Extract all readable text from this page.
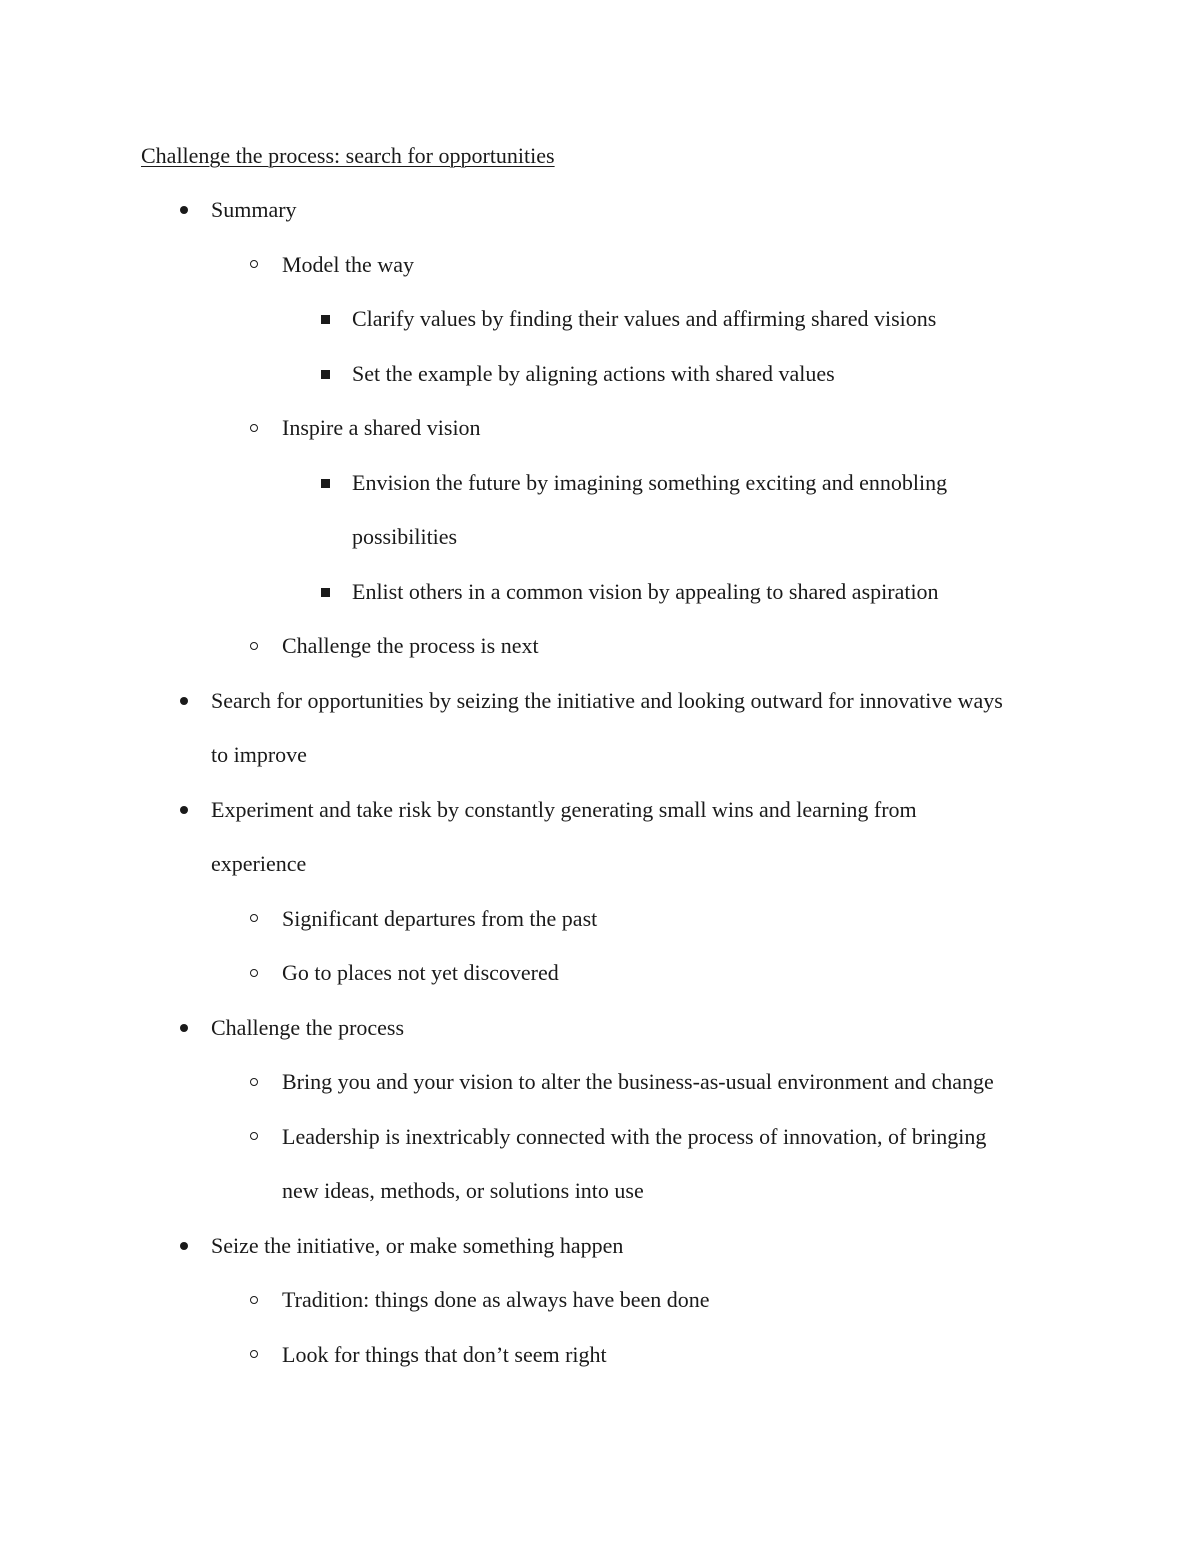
Challenge the process: search for opportunities
Summary
Model the way
Clarify values by finding their values and affirming shared visions
Set the example by aligning actions with shared values
Inspire a shared vision
Envision the future by imagining something exciting and ennobling
possibilities
Enlist others in a common vision by appealing to shared aspiration
Challenge the process is next
Search for opportunities by seizing the initiative and looking outward for innovative ways
to improve
Experiment and take risk by constantly generating small wins and learning from
experience
Significant departures from the past
Go to places not yet discovered
Challenge the process
Bring you and your vision to alter the business-as-usual environment and change
Leadership is inextricably connected with the process of innovation, of bringing
new ideas, methods, or solutions into use
Seize the initiative, or make something happen
Tradition: things done as always have been done
Look for things that don’t seem right
